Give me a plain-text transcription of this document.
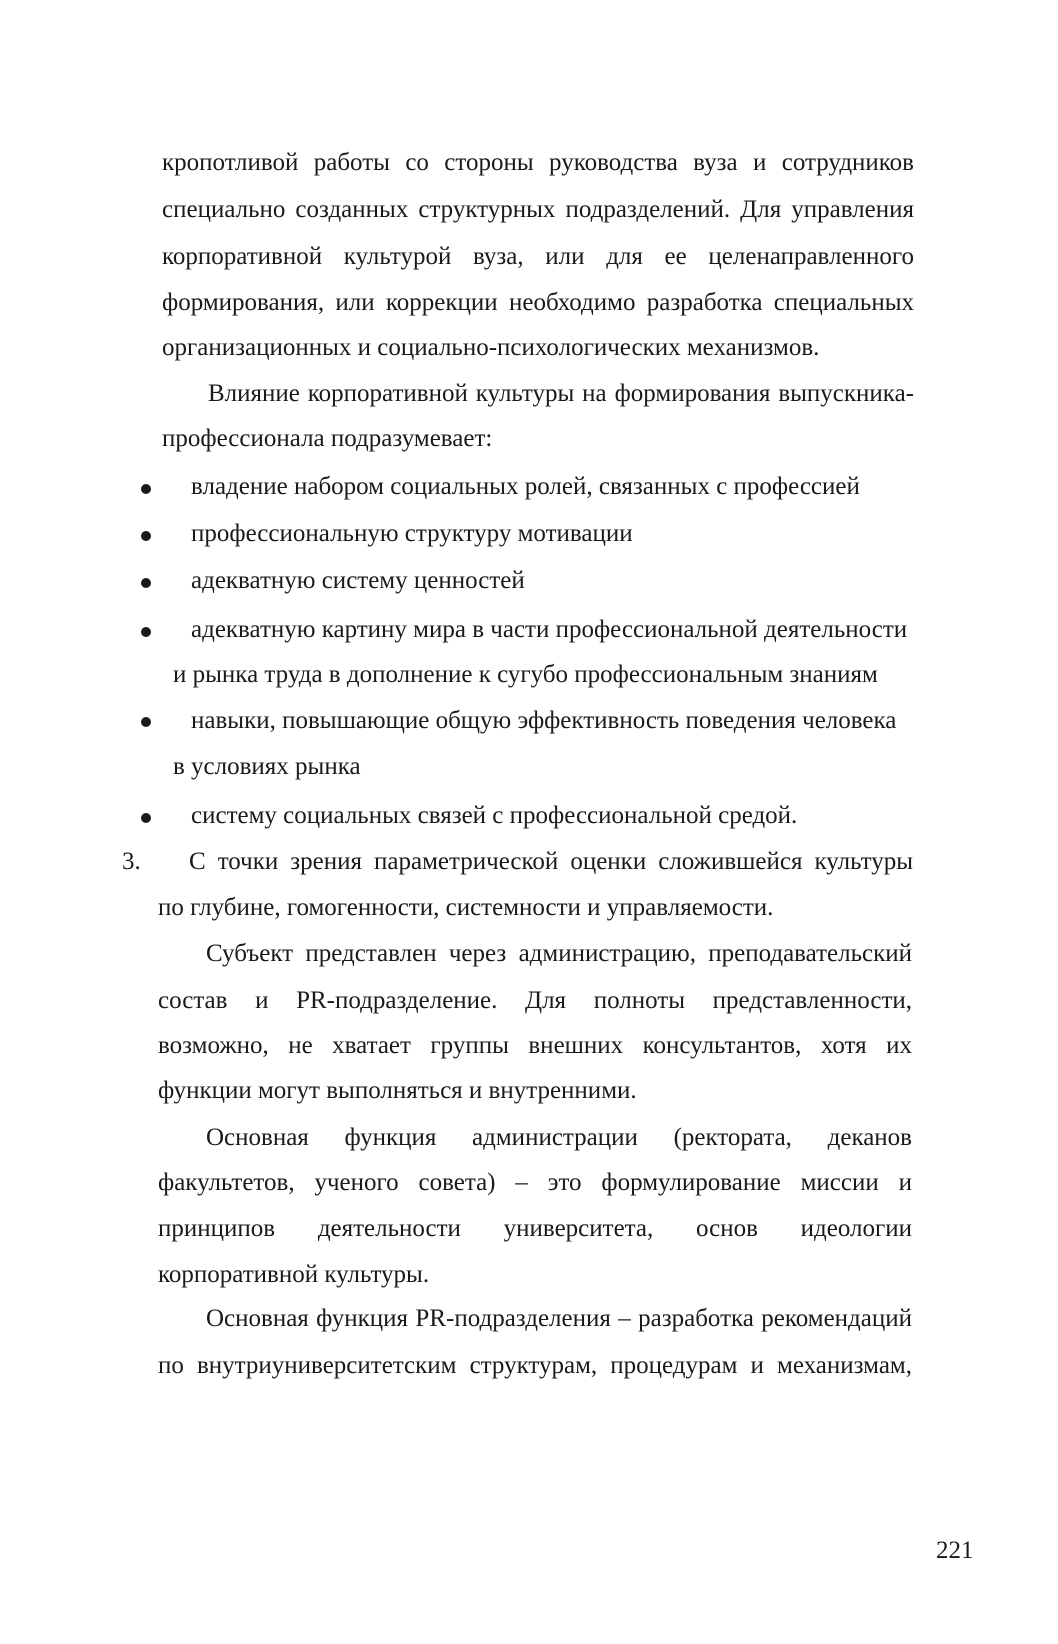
кропотливой работы со стороны руководства вуза и сотрудников
специально созданных структурных подразделений. Для управления
корпоративной культурой вуза, или для ее целенаправленного
формирования, или коррекции необходимо разработка специальных
организационных и социально-психологических механизмов.
Влияние корпоративной культуры на формирования выпускника-
профессионала подразумевает:
владение набором социальных ролей, связанных с профессией
профессиональную структуру мотивации
адекватную систему ценностей
адекватную картину мира в части профессиональной деятельности
и рынка труда в дополнение к сугубо профессиональным знаниям
навыки, повышающие общую эффективность поведения человека
в условиях рынка
систему социальных связей с профессиональной средой.
3. С точки зрения параметрической оценки сложившейся культуры
по глубине, гомогенности, системности и управляемости.
Субъект представлен через администрацию, преподавательский
состав и PR-подразделение. Для полноты представленности,
возможно, не хватает группы внешних консультантов, хотя их
функции могут выполняться и внутренними.
Основная функция администрации (ректората, деканов
факультетов, ученого совета) – это формулирование миссии и
принципов деятельности университета, основ идеологии
корпоративной культуры.
Основная функция PR-подразделения – разработка рекомендаций
по внутриуниверситетским структурам, процедурам и механизмам,
221
